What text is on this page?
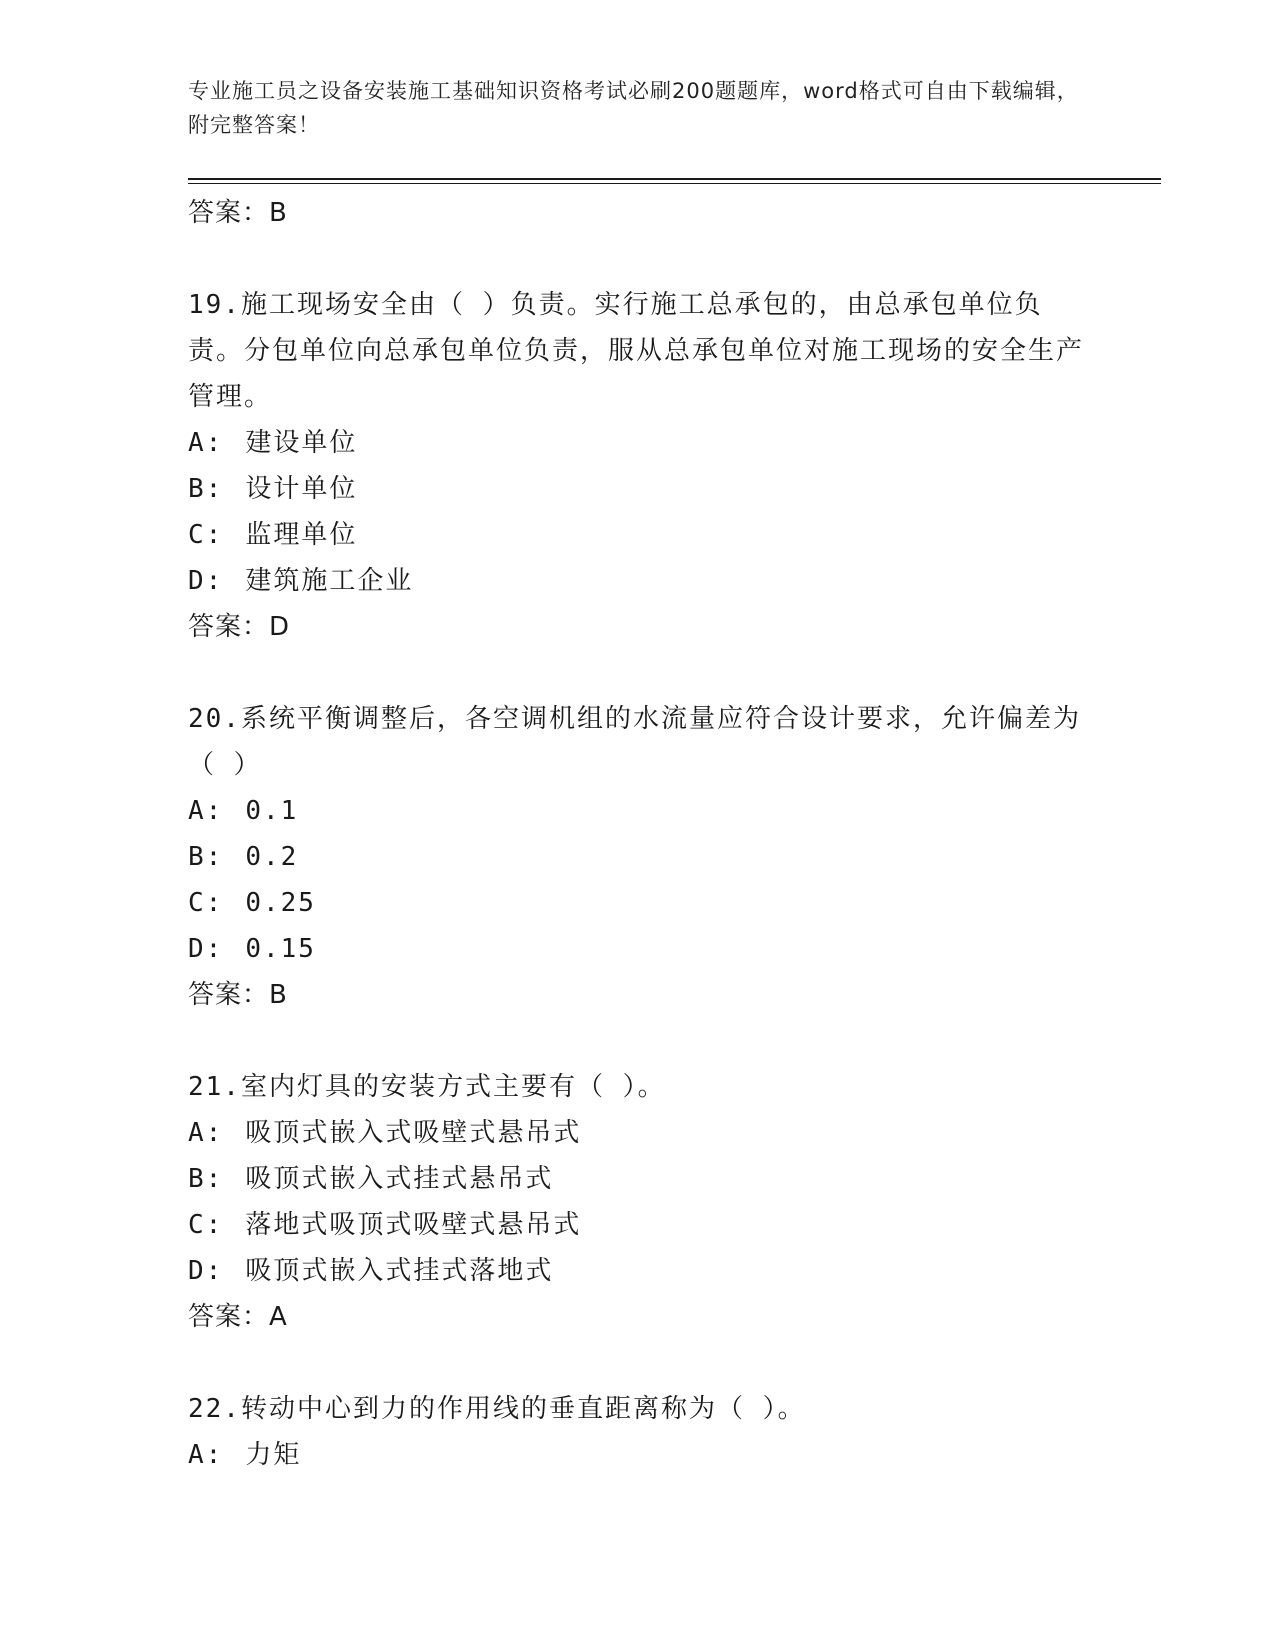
专业施工员之设备安装施工基础知识资格考试必刷200题题库，word格式可自由下载编辑，附完整答案！
答案：B
19.施工现场安全由（ ）负责。实行施工总承包的，由总承包单位负责。分包单位向总承包单位负责，服从总承包单位对施工现场的安全生产管理。
A: 建设单位
B: 设计单位
C: 监理单位
D: 建筑施工企业
答案：D
20.系统平衡调整后，各空调机组的水流量应符合设计要求，允许偏差为（ ）
A: 0.1
B: 0.2
C: 0.25
D: 0.15
答案：B
21.室内灯具的安装方式主要有（ ）。
A: 吸顶式嵌入式吸壁式悬吊式
B: 吸顶式嵌入式挂式悬吊式
C: 落地式吸顶式吸壁式悬吊式
D: 吸顶式嵌入式挂式落地式
答案：A
22.转动中心到力的作用线的垂直距离称为（ ）。
A: 力矩
